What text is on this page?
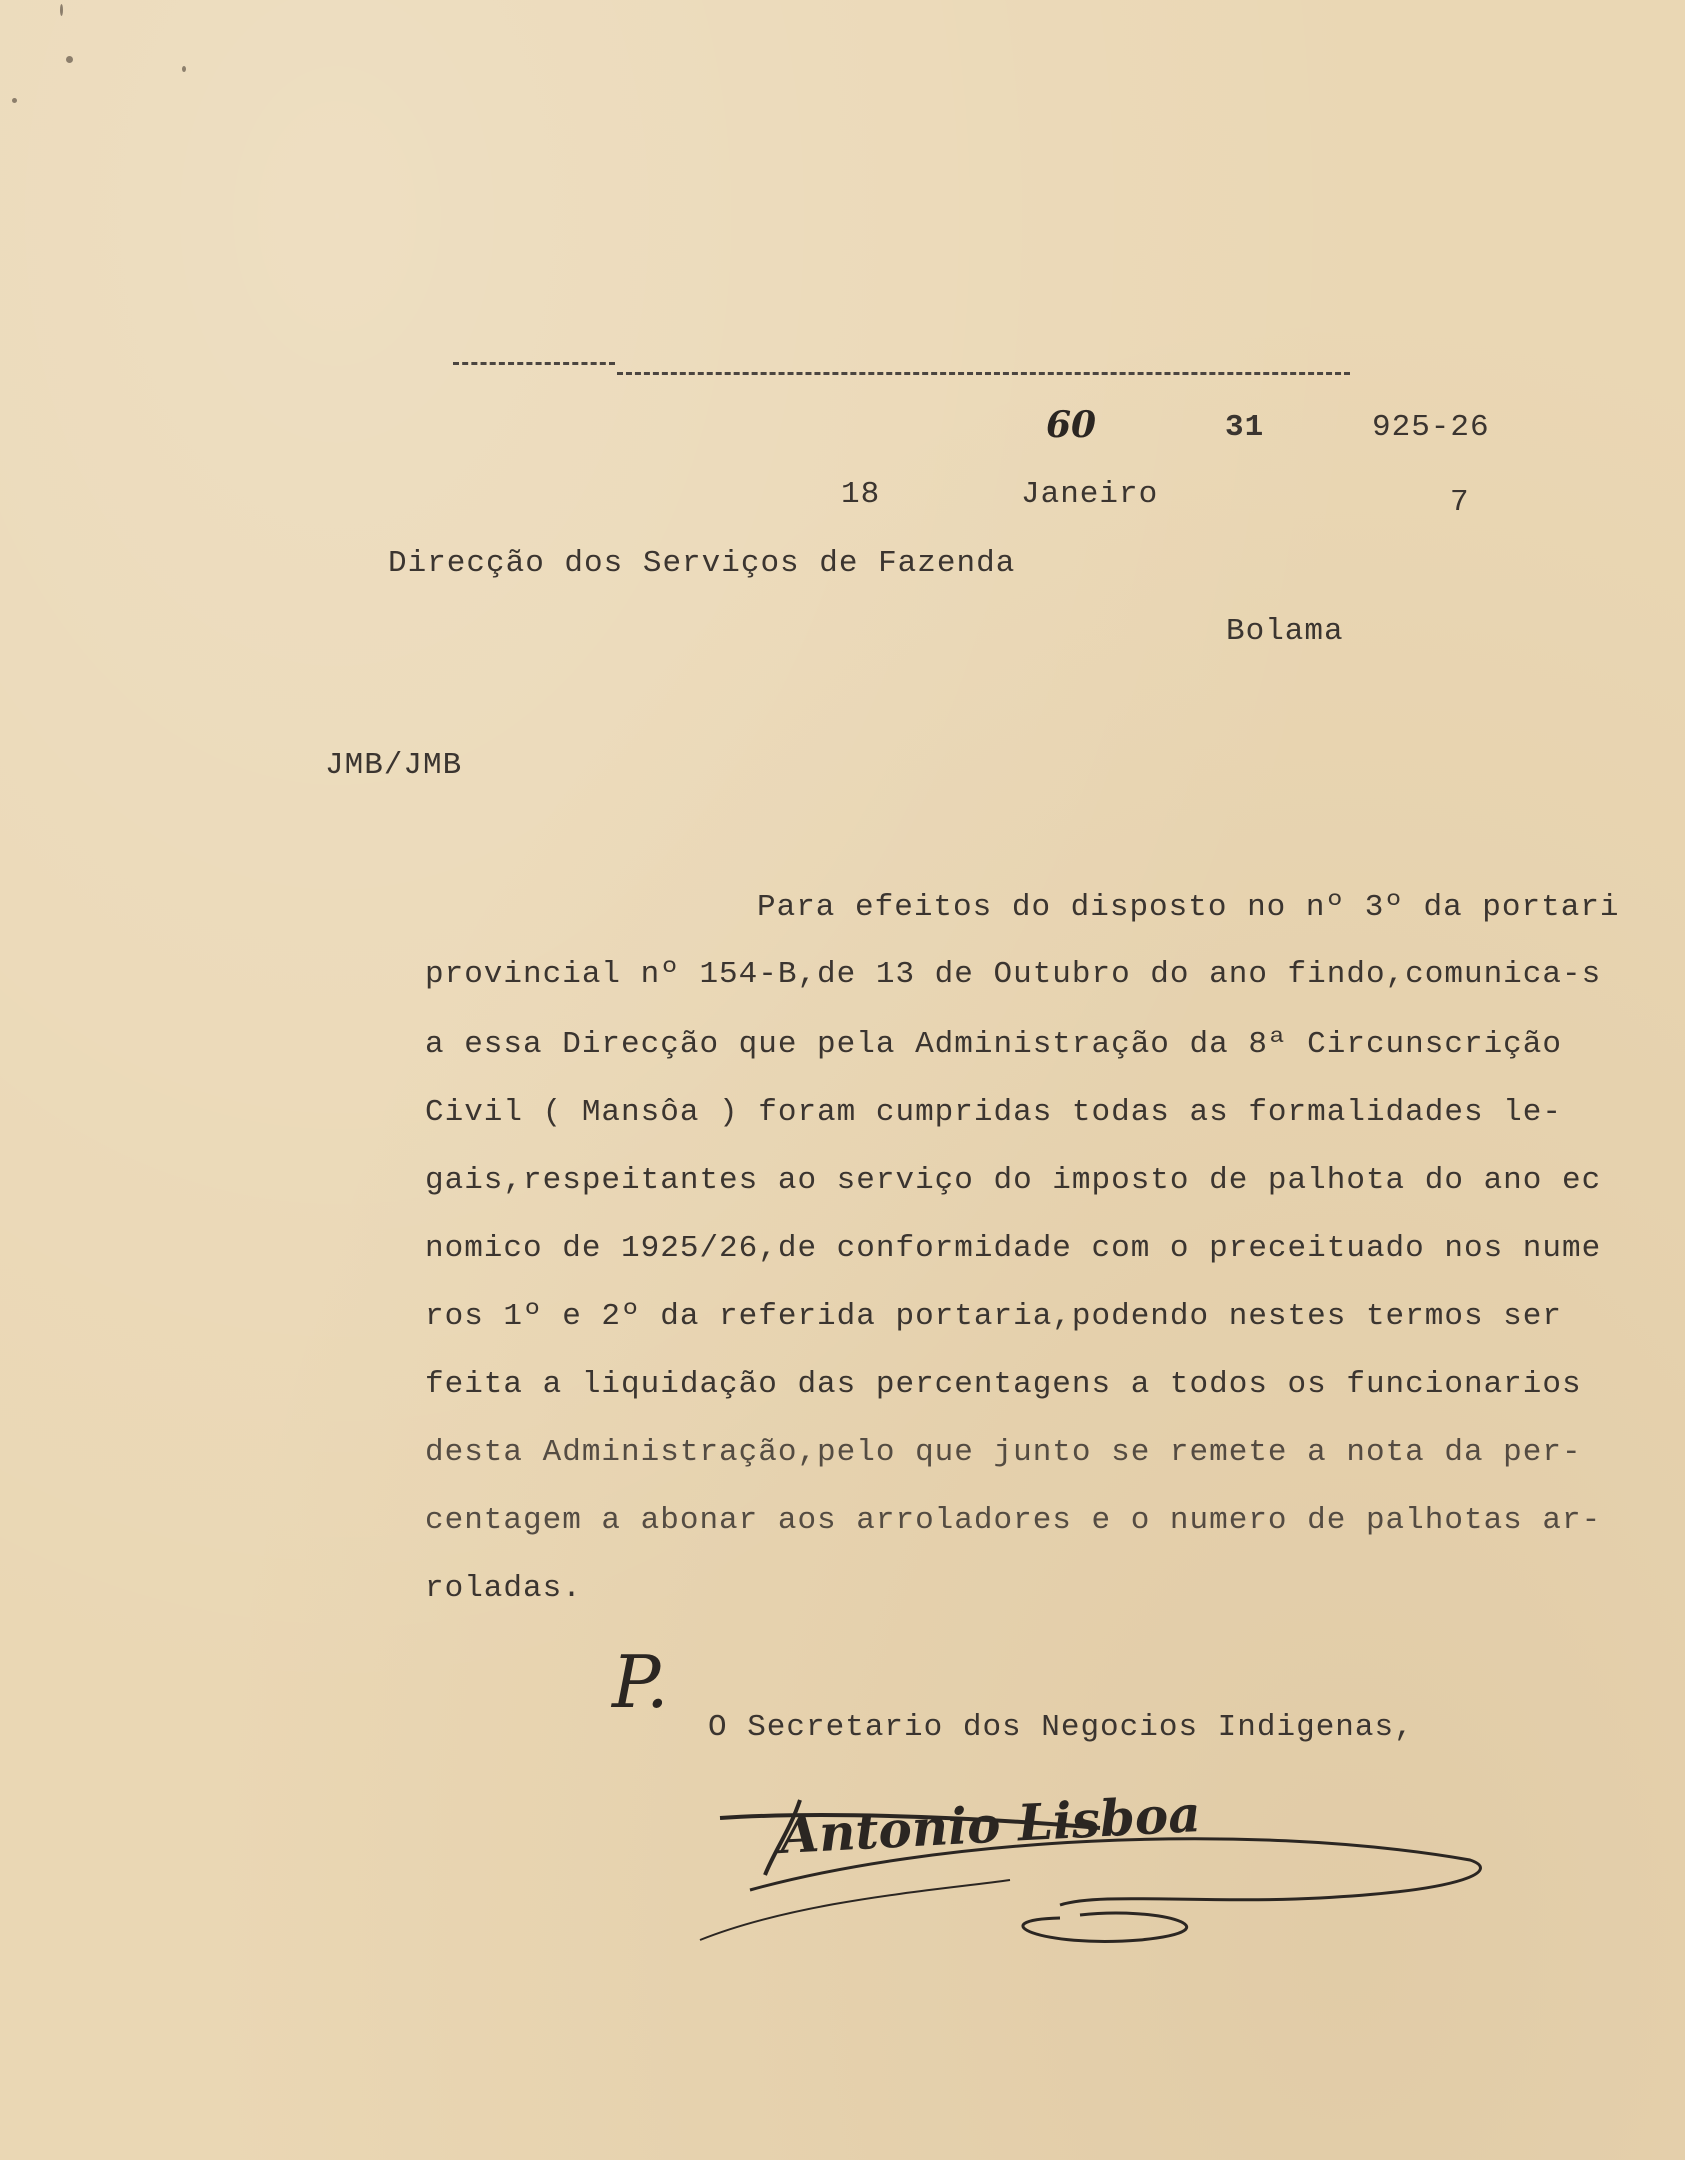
60	31	925-26
18	Janeiro	7
Direcção dos Serviços de Fazenda
Bolama
JMB/JMB
Para efeitos do disposto no nº 3º da portari
provincial nº 154-B,de 13 de Outubro do ano findo,comunica-s
a essa Direcção que pela Administração da 8ª Circunscrição
Civil ( Mansôa ) foram cumpridas todas as formalidades le-
gais,respeitantes ao serviço do imposto de palhota do ano ec
nomico de 1925/26,de conformidade com o preceituado nos nume
ros 1º e 2º da referida portaria,podendo nestes termos ser
feita a liquidação das percentagens a todos os funcionarios
desta Administração,pelo que junto se remete a nota da per-
centagem a abonar aos arroladores e o numero de palhotas ar-
roladas.
P.
O Secretario dos Negocios Indigenas,
Antonio Lisboa
